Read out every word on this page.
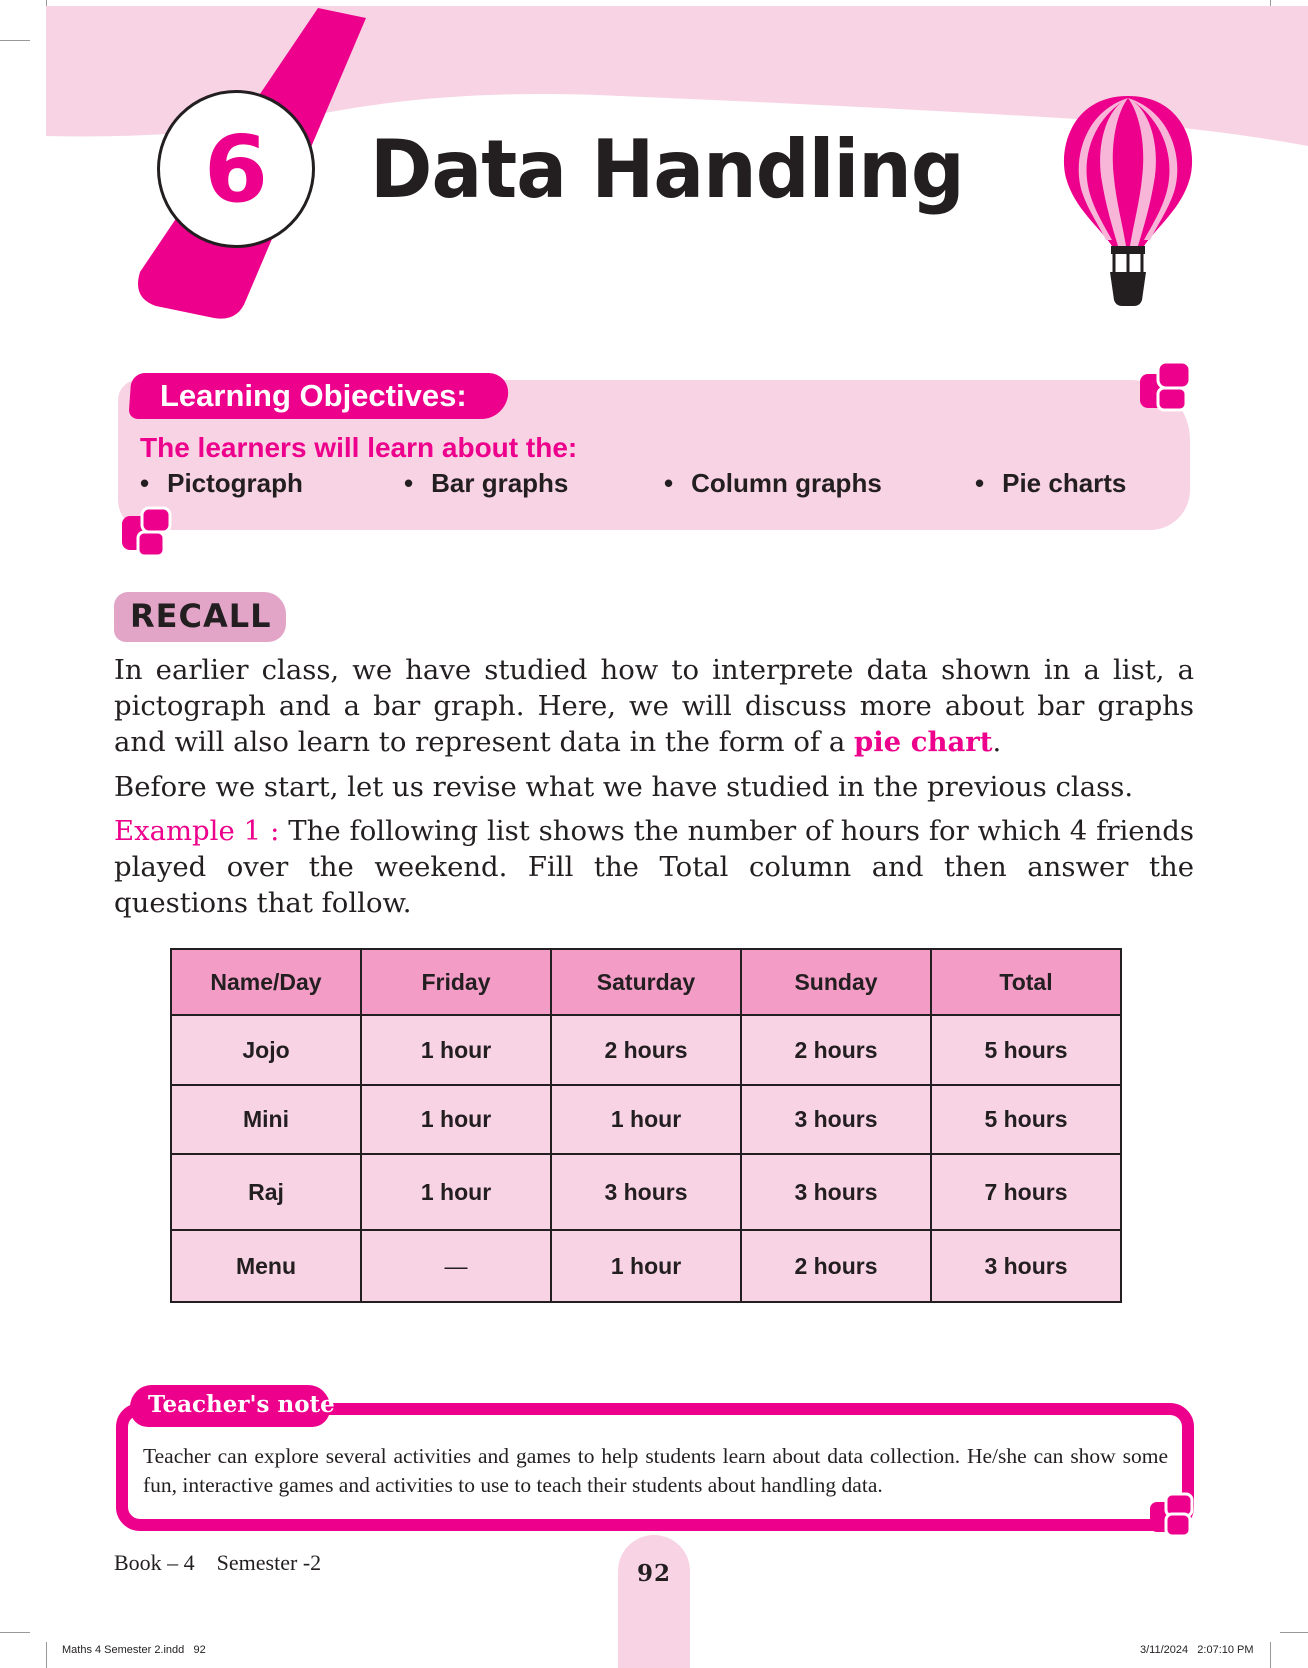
6 Data Handling
Learning Objectives:
The learners will learn about the:
• Pictograph	• Bar graphs	• Column graphs	• Pie charts
RECALL
In earlier class, we have studied how to interprete data shown in a list, a pictograph and a bar graph. Here, we will discuss more about bar graphs and will also learn to represent data in the form of a pie chart.
Before we start, let us revise what we have studied in the previous class.
Example 1 : The following list shows the number of hours for which 4 friends played over the weekend. Fill the Total column and then answer the questions that follow.
Name/Day	Friday	Saturday	Sunday	Total
Jojo	1 hour	2 hours	2 hours	5 hours
Mini	1 hour	1 hour	3 hours	5 hours
Raj	1 hour	3 hours	3 hours	7 hours
Menu	—	1 hour	2 hours	3 hours
Teacher's note
Teacher can explore several activities and games to help students learn about data collection. He/she can show some fun, interactive games and activities to use to teach their students about handling data.
Book – 4    Semester -2	92
Maths 4 Semester 2.indd   92	3/11/2024   2:07:10 PM
